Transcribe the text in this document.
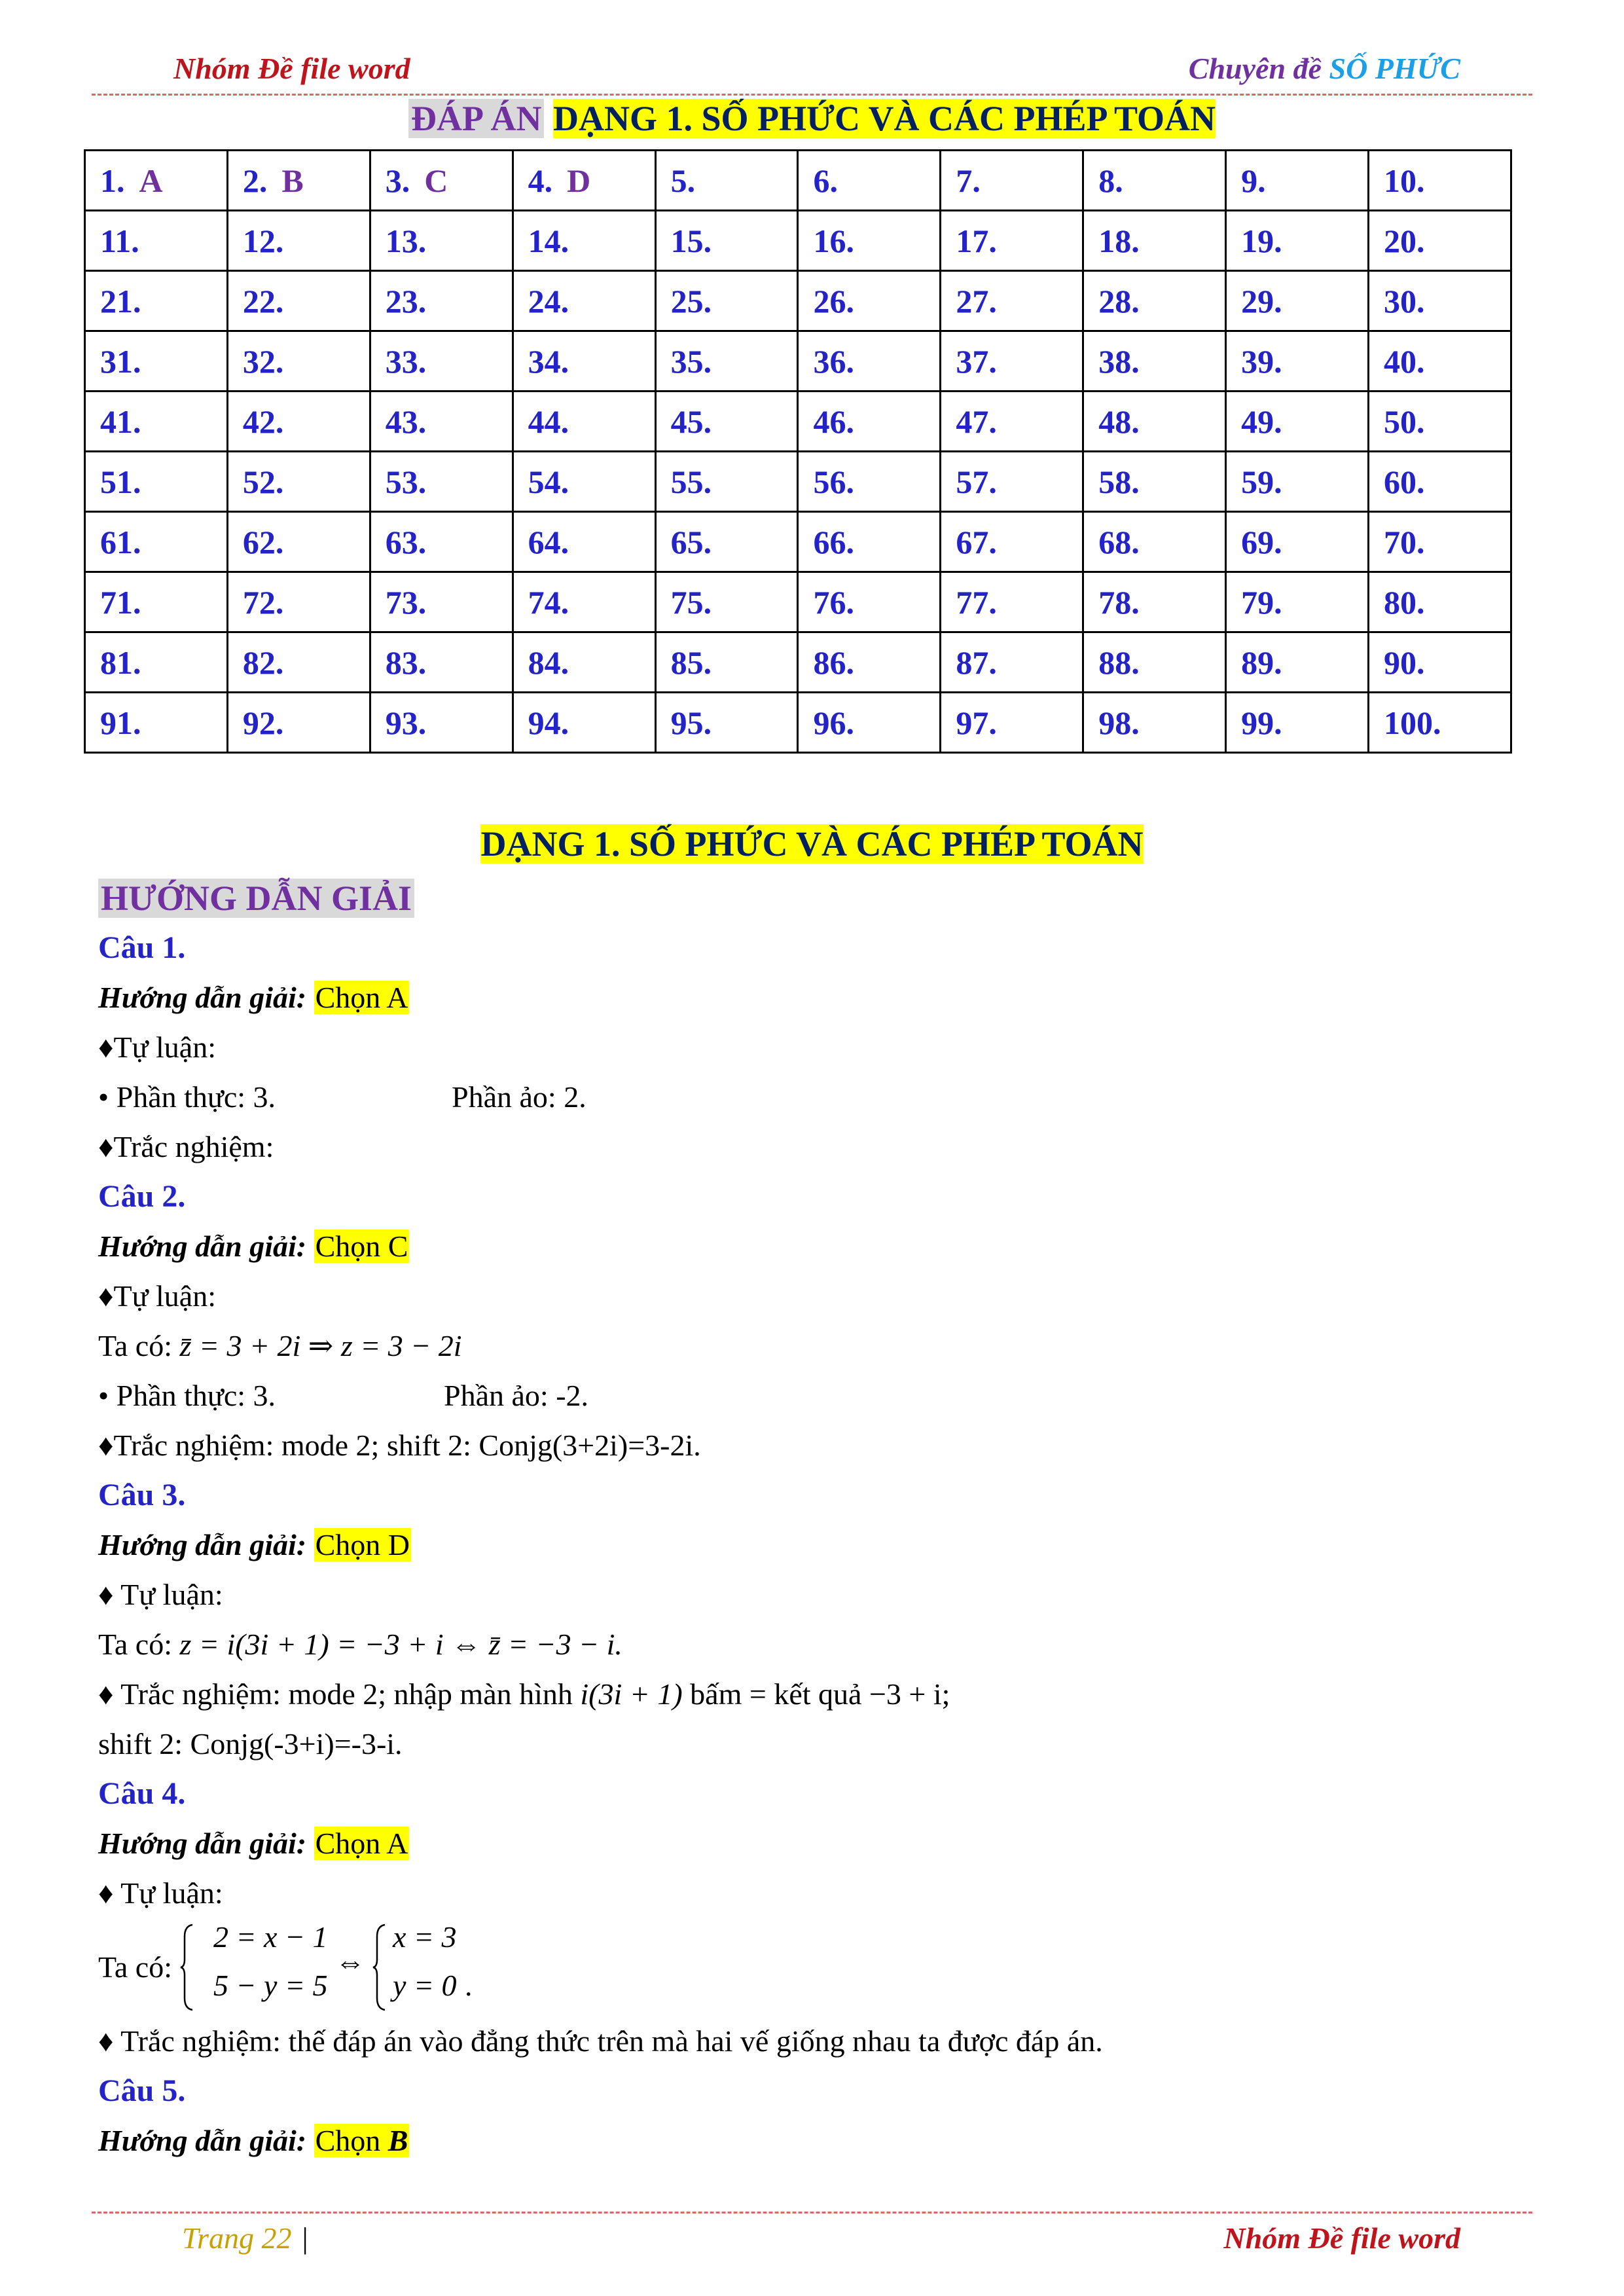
Nhóm Đề file word	Chuyên đề SỐ PHỨC
ĐÁP ÁN DẠNG 1. SỐ PHỨC VÀ CÁC PHÉP TOÁN
1. A	2. B	3. C	4. D	5.	6.	7.	8.	9.	10.
11.	12.	13.	14.	15.	16.	17.	18.	19.	20.
21.	22.	23.	24.	25.	26.	27.	28.	29.	30.
31.	32.	33.	34.	35.	36.	37.	38.	39.	40.
41.	42.	43.	44.	45.	46.	47.	48.	49.	50.
51.	52.	53.	54.	55.	56.	57.	58.	59.	60.
61.	62.	63.	64.	65.	66.	67.	68.	69.	70.
71.	72.	73.	74.	75.	76.	77.	78.	79.	80.
81.	82.	83.	84.	85.	86.	87.	88.	89.	90.
91.	92.	93.	94.	95.	96.	97.	98.	99.	100.
DẠNG 1. SỐ PHỨC VÀ CÁC PHÉP TOÁN
HƯỚNG DẪN GIẢI
Câu 1.
Hướng dẫn giải: Chọn A
♦Tự luận:
• Phần thực: 3.	Phần ảo: 2.
♦Trắc nghiệm:
Câu 2.
Hướng dẫn giải: Chọn C
♦Tự luận:
Ta có: z̄ = 3 + 2i ⇒ z = 3 − 2i
• Phần thực: 3.	Phần ảo: -2.
♦Trắc nghiệm: mode 2; shift 2: Conjg(3+2i)=3-2i.
Câu 3.
Hướng dẫn giải: Chọn D
♦ Tự luận:
Ta có: z = i(3i + 1) = −3 + i ⇔ z̄ = −3 − i.
♦ Trắc nghiệm: mode 2; nhập màn hình i(3i + 1) bấm = kết quả −3 + i;
shift 2: Conjg(-3+i)=-3-i.
Câu 4.
Hướng dẫn giải: Chọn A
♦ Tự luận:
Ta có:
2 = x − 1
5 − y = 5
⇔
x = 3
y = 0 .
♦ Trắc nghiệm: thế đáp án vào đẳng thức trên mà hai vế giống nhau ta được đáp án.
Câu 5.
Hướng dẫn giải: Chọn B
Trang 22 |	Nhóm Đề file word
